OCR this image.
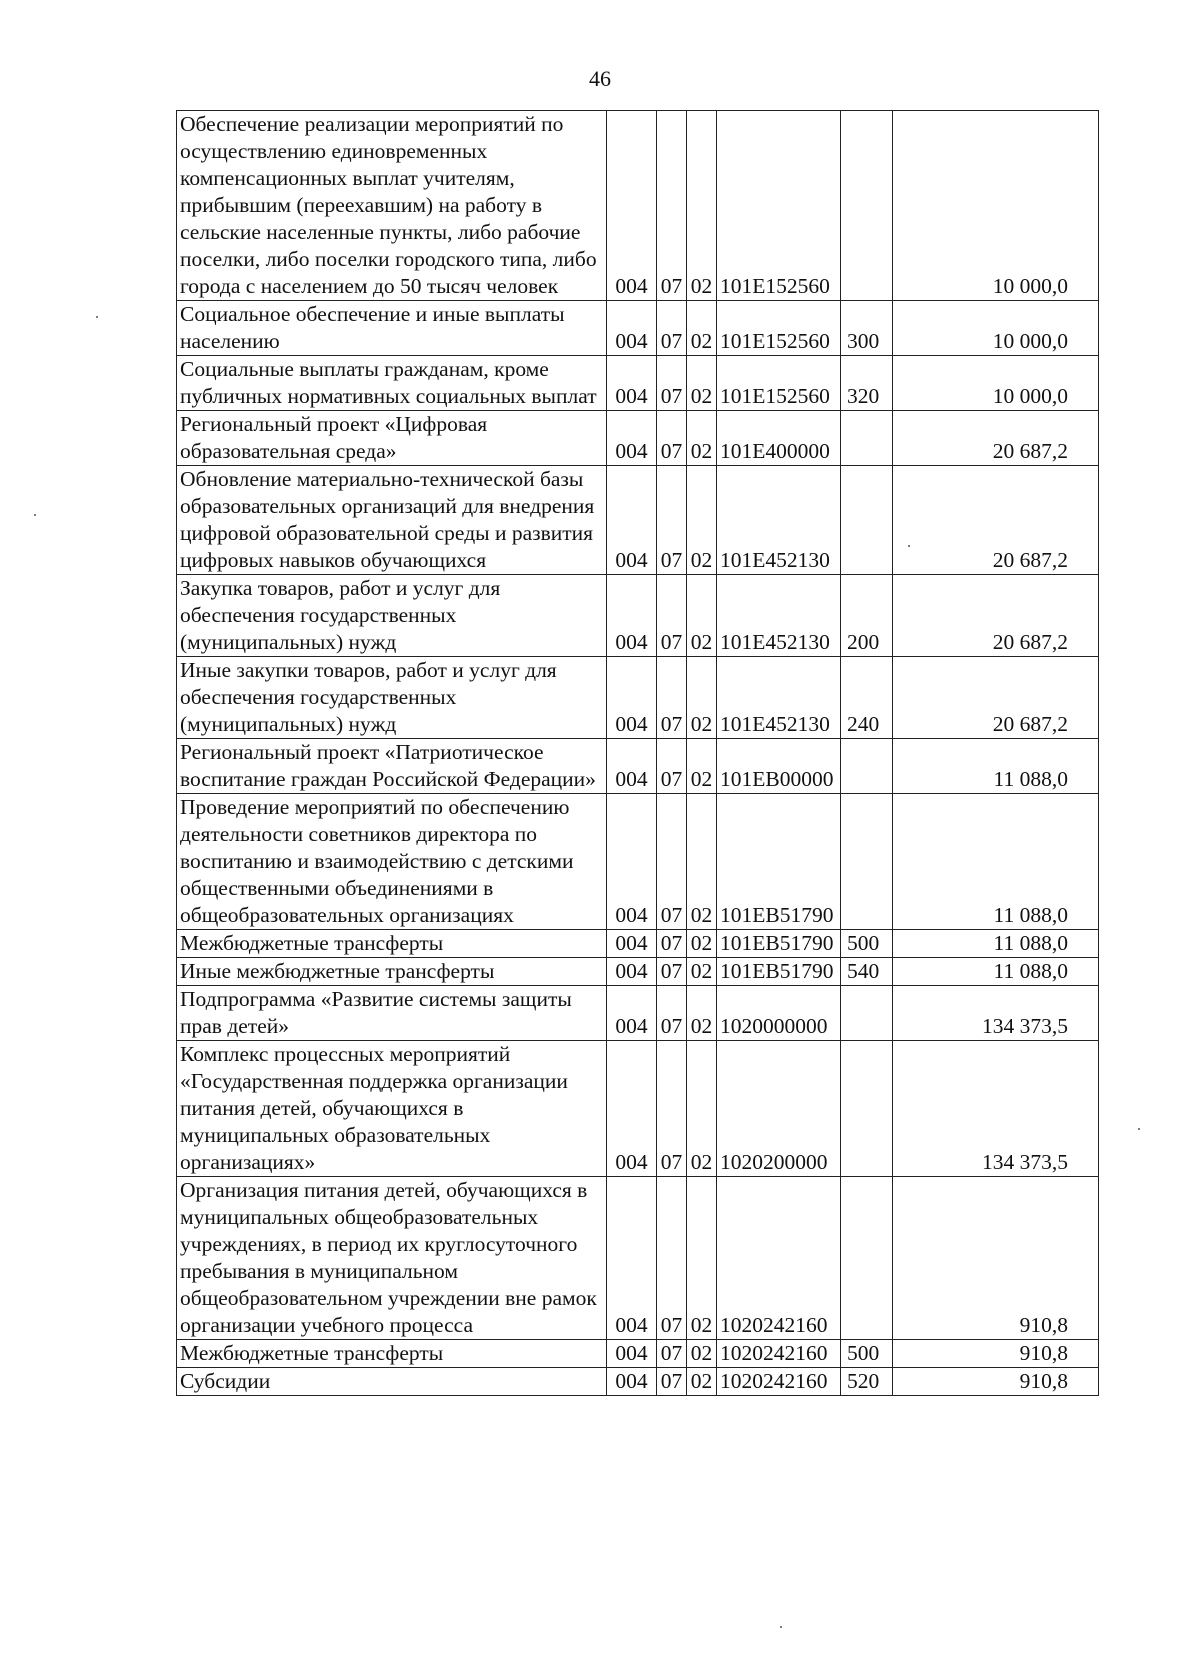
46
Обеспечение реализации мероприятий по осуществлению единовременных компенсационных выплат учителям, прибывшим (переехавшим) на работу в сельские населенные пункты, либо рабочие поселки, либо поселки городского типа, либо города с населением до 50 тысяч человек	004	07	02	101E152560		10 000,0
Социальное обеспечение и иные выплаты населению	004	07	02	101E152560	300	10 000,0
Социальные выплаты гражданам, кроме публичных нормативных социальных выплат	004	07	02	101E152560	320	10 000,0
Региональный проект «Цифровая образовательная среда»	004	07	02	101E400000		20 687,2
Обновление материально-технической базы образовательных организаций для внедрения цифровой образовательной среды и развития цифровых навыков обучающихся	004	07	02	101E452130		20 687,2
Закупка товаров, работ и услуг для обеспечения государственных (муниципальных) нужд	004	07	02	101E452130	200	20 687,2
Иные закупки товаров, работ и услуг для обеспечения государственных (муниципальных) нужд	004	07	02	101E452130	240	20 687,2
Региональный проект «Патриотическое воспитание граждан Российской Федерации»	004	07	02	101EB00000		11 088,0
Проведение мероприятий по обеспечению деятельности советников директора по воспитанию и взаимодействию с детскими общественными объединениями в общеобразовательных организациях	004	07	02	101EB51790		11 088,0
Межбюджетные трансферты	004	07	02	101EB51790	500	11 088,0
Иные межбюджетные трансферты	004	07	02	101EB51790	540	11 088,0
Подпрограмма «Развитие системы защиты прав детей»	004	07	02	1020000000		134 373,5
Комплекс процессных мероприятий «Государственная поддержка организации питания детей, обучающихся в муниципальных образовательных организациях»	004	07	02	1020200000		134 373,5
Организация питания детей, обучающихся в муниципальных общеобразовательных учреждениях, в период их круглосуточного пребывания в муниципальном общеобразовательном учреждении вне рамок организации учебного процесса	004	07	02	1020242160		910,8
Межбюджетные трансферты	004	07	02	1020242160	500	910,8
Субсидии	004	07	02	1020242160	520	910,8
